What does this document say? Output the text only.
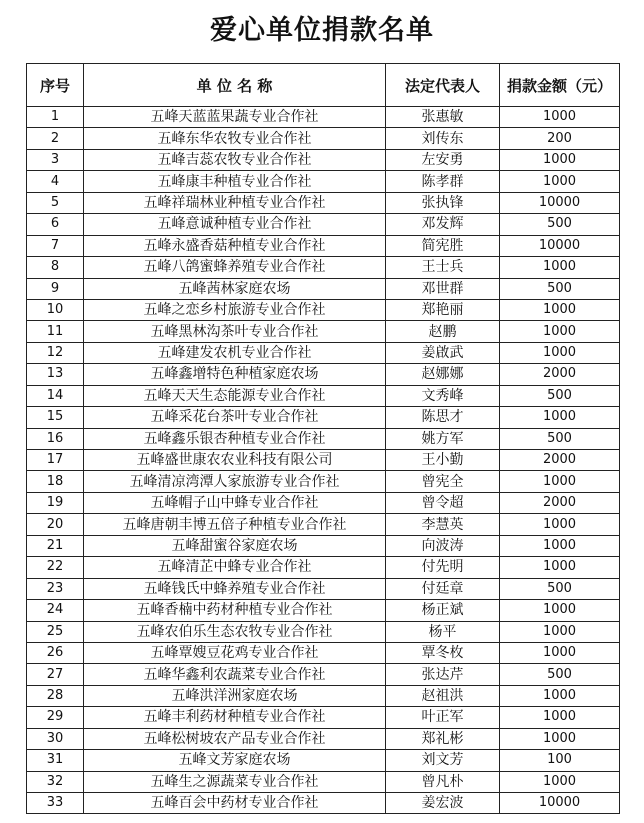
爱心单位捐款名单
序号	单 位 名 称	法定代表人	捐款金额（元）
1	五峰天蓝蓝果蔬专业合作社	张惠敏	1000
2	五峰东华农牧专业合作社	刘传东	200
3	五峰吉蕊农牧专业合作社	左安勇	1000
4	五峰康丰种植专业合作社	陈孝群	1000
5	五峰祥瑞林业种植专业合作社	张执锋	10000
6	五峰意诚种植专业合作社	邓发辉	500
7	五峰永盛香菇种植专业合作社	简宪胜	10000
8	五峰八鸽蜜蜂养殖专业合作社	王士兵	1000
9	五峰茜林家庭农场	邓世群	500
10	五峰之恋乡村旅游专业合作社	郑艳丽	1000
11	五峰黑林沟茶叶专业合作社	赵鹏	1000
12	五峰建发农机专业合作社	姜啟武	1000
13	五峰鑫增特色种植家庭农场	赵娜娜	2000
14	五峰天天生态能源专业合作社	文秀峰	500
15	五峰采花台茶叶专业合作社	陈思才	1000
16	五峰鑫乐银杏种植专业合作社	姚方军	500
17	五峰盛世康农农业科技有限公司	王小勤	2000
18	五峰清凉湾潭人家旅游专业合作社	曾宪全	1000
19	五峰帽子山中蜂专业合作社	曾令超	2000
20	五峰唐朝丰博五倍子种植专业合作社	李慧英	1000
21	五峰甜蜜谷家庭农场	向波涛	1000
22	五峰清芷中蜂专业合作社	付先明	1000
23	五峰钱氏中蜂养殖专业合作社	付廷章	500
24	五峰香楠中药材种植专业合作社	杨正斌	1000
25	五峰农伯乐生态农牧专业合作社	杨平	1000
26	五峰覃嫂豆花鸡专业合作社	覃冬枚	1000
27	五峰华鑫利农蔬菜专业合作社	张达芹	500
28	五峰洪洋洲家庭农场	赵祖洪	1000
29	五峰丰利药材种植专业合作社	叶正军	1000
30	五峰松树坡农产品专业合作社	郑礼彬	1000
31	五峰文芳家庭农场	刘文芳	100
32	五峰生之源蔬菜专业合作社	曾凡朴	1000
33	五峰百会中药材专业合作社	姜宏波	10000
